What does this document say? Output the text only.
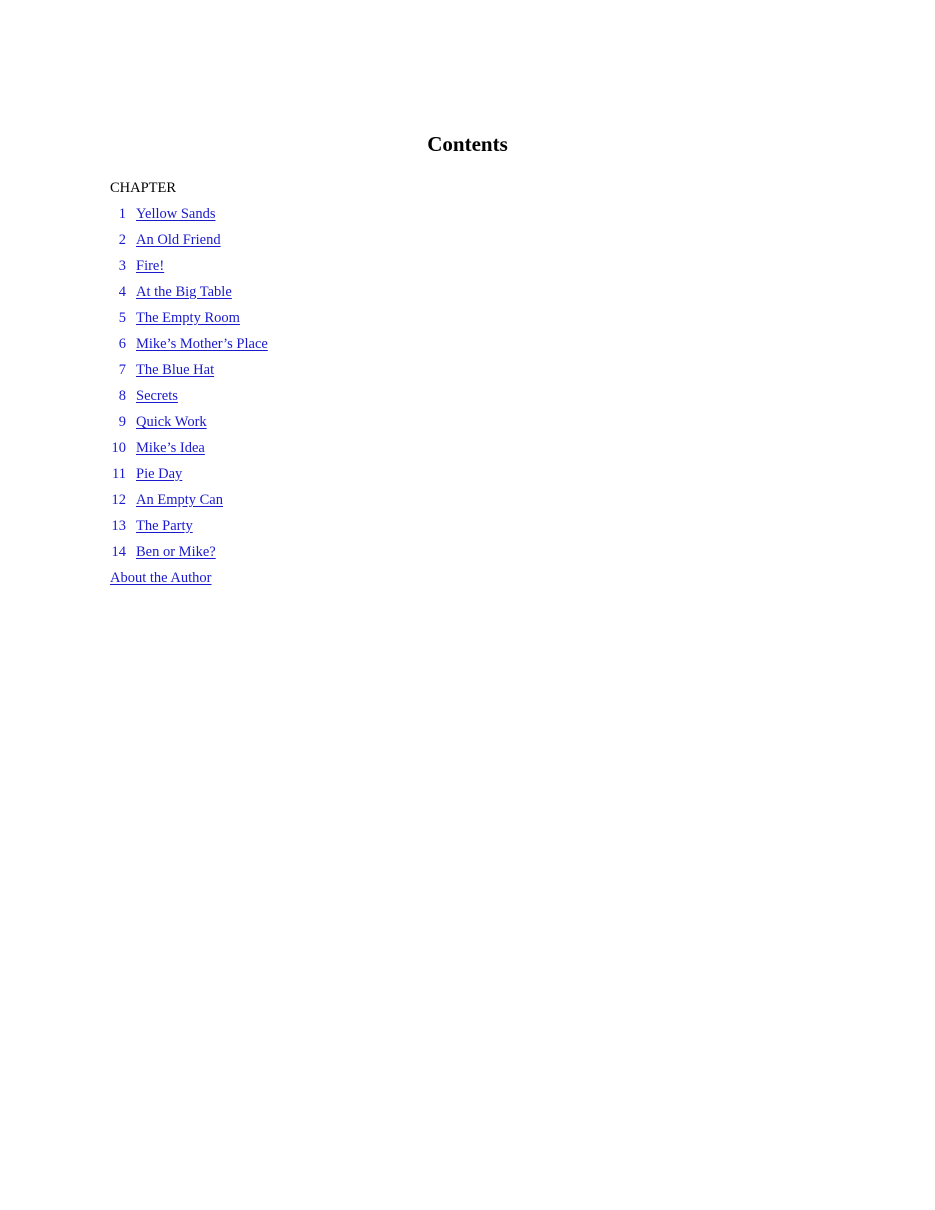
Contents
CHAPTER
1 Yellow Sands
2 An Old Friend
3 Fire!
4 At the Big Table
5 The Empty Room
6 Mike’s Mother’s Place
7 The Blue Hat
8 Secrets
9 Quick Work
10 Mike’s Idea
11 Pie Day
12 An Empty Can
13 The Party
14 Ben or Mike?
About the Author
